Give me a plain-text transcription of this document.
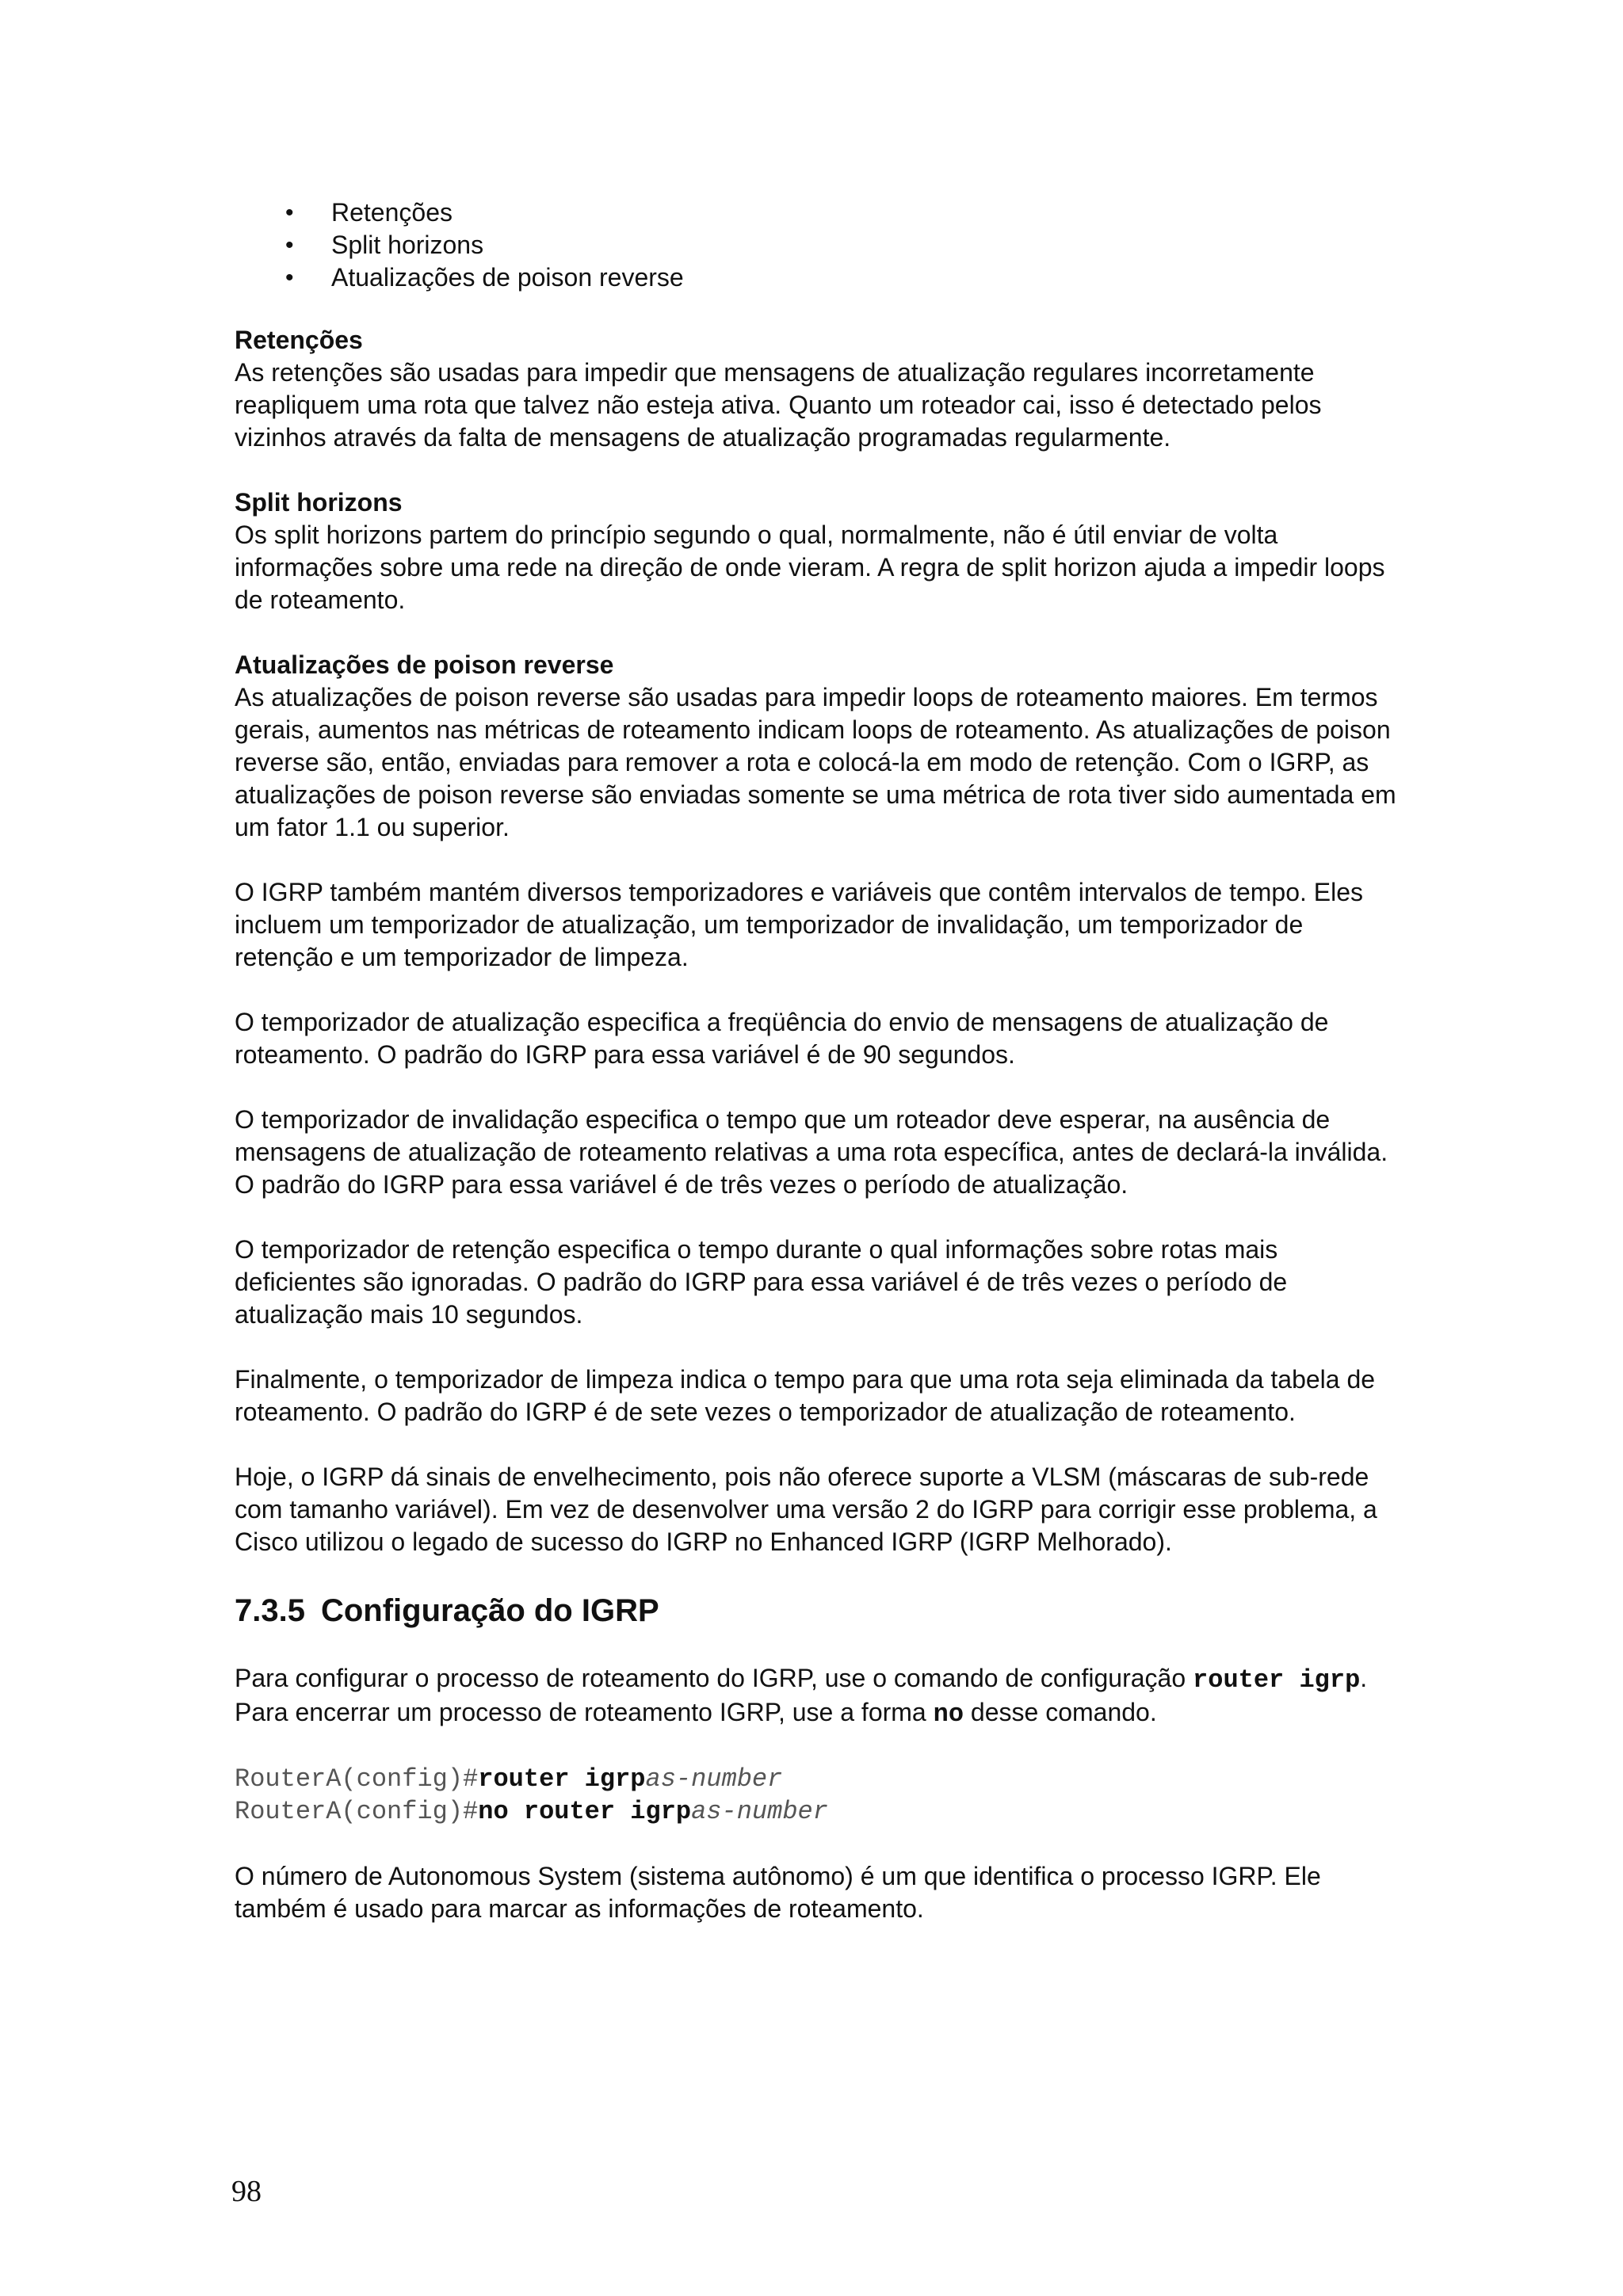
• Retenções
• Split horizons
• Atualizações de poison reverse
Retenções

As retenções são usadas para impedir que mensagens de atualização regulares incorretamente reapliquem uma rota que talvez não esteja ativa. Quanto um roteador cai, isso é detectado pelos vizinhos através da falta de mensagens de atualização programadas regularmente.

Split horizons

Os split horizons partem do princípio segundo o qual, normalmente, não é útil enviar de volta informações sobre uma rede na direção de onde vieram. A regra de split horizon ajuda a impedir loops de roteamento.

Atualizações de poison reverse

As atualizações de poison reverse são usadas para impedir loops de roteamento maiores. Em termos gerais, aumentos nas métricas de roteamento indicam loops de roteamento. As atualizações de poison reverse são, então, enviadas para remover a rota e colocá-la em modo de retenção. Com o IGRP, as atualizações de poison reverse são enviadas somente se uma métrica de rota tiver sido aumentada em um fator 1.1 ou superior.

O IGRP também mantém diversos temporizadores e variáveis que contêm intervalos de tempo. Eles incluem um temporizador de atualização, um temporizador de invalidação, um temporizador de retenção e um temporizador de limpeza.

O temporizador de atualização especifica a freqüência do envio de mensagens de atualização de roteamento. O padrão do IGRP para essa variável é de 90 segundos.

O temporizador de invalidação especifica o tempo que um roteador deve esperar, na ausência de mensagens de atualização de roteamento relativas a uma rota específica, antes de declará-la inválida. O padrão do IGRP para essa variável é de três vezes o período de atualização.

O temporizador de retenção especifica o tempo durante o qual informações sobre rotas mais deficientes são ignoradas. O padrão do IGRP para essa variável é de três vezes o período de atualização mais 10 segundos.

Finalmente, o temporizador de limpeza indica o tempo para que uma rota seja eliminada da tabela de roteamento. O padrão do IGRP é de sete vezes o temporizador de atualização de roteamento.

Hoje, o IGRP dá sinais de envelhecimento, pois não oferece suporte a VLSM (máscaras de sub-rede com tamanho variável). Em vez de desenvolver uma versão 2 do IGRP para corrigir esse problema, a Cisco utilizou o legado de sucesso do IGRP no Enhanced IGRP (IGRP Melhorado).

7.3.5 Configuração do IGRP

Para configurar o processo de roteamento do IGRP, use o comando de configuração router igrp. Para encerrar um processo de roteamento IGRP, use a forma no desse comando.

RouterA(config)#router igrpas-number
RouterA(config)#no router igrpas-number

O número de Autonomous System (sistema autônomo) é um que identifica o processo IGRP. Ele também é usado para marcar as informações de roteamento.

98
